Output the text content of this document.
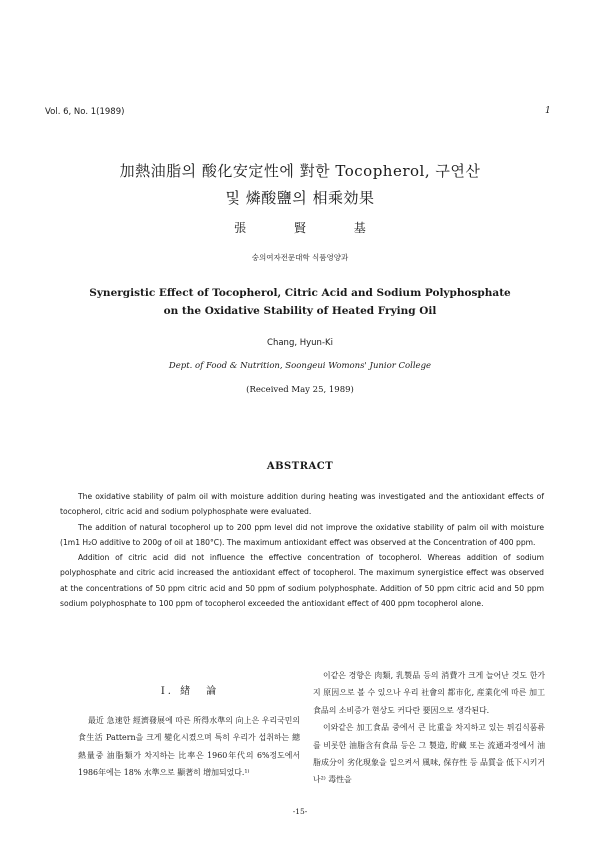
Vol. 6, No. 1(1989)	1
加熱油脂의 酸化安定性에 對한 Tocopherol, 구연산
및 燐酸鹽의 相乘効果
張 賢 基
숭의여자전문대학 식품영양과
Synergistic Effect of Tocopherol, Citric Acid and Sodium Polyphosphate
on the Oxidative Stability of Heated Frying Oil
Chang, Hyun-Ki
Dept. of Food & Nutrition, Soongeui Womons' Junior College
(Received May 25, 1989)
ABSTRACT

The oxidative stability of palm oil with moisture addition during heating was investigated and the antioxidant effects of tocopherol, citric acid and sodium polyphosphate were evaluated.

The addition of natural tocopherol up to 200 ppm level did not improve the oxidative stability of palm oil with moisture (1m1 H₂O additive to 200g of oil at 180°C). The maximum antioxidant effect was observed at the Concentration of 400 ppm.

Addition of citric acid did not influence the effective concentration of tocopherol. Whereas addition of sodium polyphosphate and citric acid increased the antioxidant effect of tocopherol. The maximum synergistice effect was observed at the concentrations of 50 ppm citric acid and 50 ppm of sodium polyphosphate. Addition of 50 ppm citric acid and 50 ppm sodium polyphosphate to 100 ppm of tocopherol exceeded the antioxidant effect of 400 ppm tocopherol alone.

I. 緖　論

最近 急速한 經濟發展에 따른 所得水準의 向上은 우리국민의 食生活 Pattern을 크게 變化시켰으며 특히 우리가 섭취하는 總 熱量중 油脂類가 차지하는 比率은 1960年代의 6%정도에서 1986年에는 18% 水準으로 顯著히 增加되었다.¹⁾

이같은 경향은 肉類, 乳製品 등의 消費가 크게 늘어난 것도 한가지 原因으로 볼 수 있으나 우리 社會의 都市化, 産業化에 따른 加工食品의 소비증가 현상도 커다란 要因으로 생각된다.

이와같은 加工食品 중에서 큰 比重을 차지하고 있는 튀김식품류를 비롯한 油脂含有食品 등은 그 製造, 貯藏 또는 流通과정에서 油脂成分이 劣化現象을 일으켜서 風味, 保存性 등 品質을 低下시키거나²⁾ 毒性을

-15-
